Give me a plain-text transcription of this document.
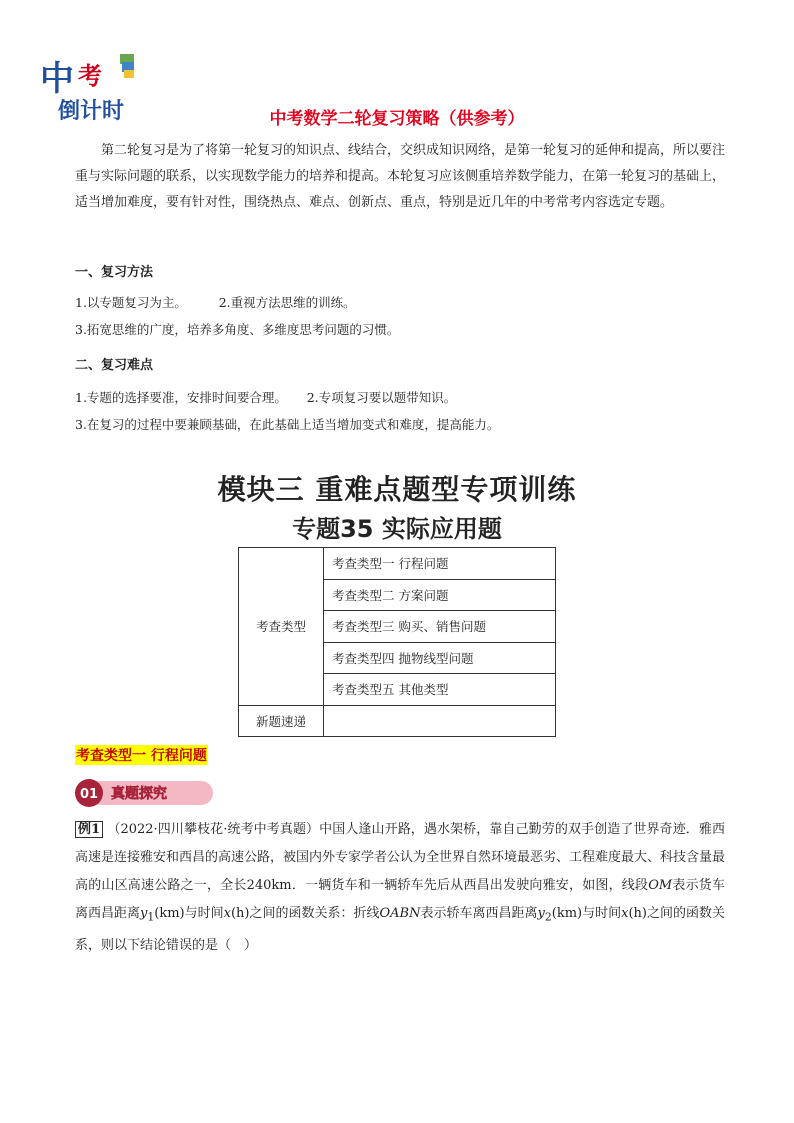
中 考
倒计时	中考数学二轮复习策略（供参考）
第二轮复习是为了将第一轮复习的知识点、线结合，交织成知识网络，是第一轮复习的延伸和提高，所以要注重与实际问题的联系，以实现数学能力的培养和提高。本轮复习应该侧重培养数学能力，在第一轮复习的基础上，适当增加难度，要有针对性，围绕热点、难点、创新点、重点，特别是近几年的中考常考内容选定专题。
一、复习方法
1.以专题复习为主。        2.重视方法思维的训练。
3.拓宽思维的广度，培养多角度、多维度思考问题的习惯。
二、复习难点
1.专题的选择要准，安排时间要合理。     2.专项复习要以题带知识。
3.在复习的过程中要兼顾基础，在此基础上适当增加变式和难度，提高能力。
模块三 重难点题型专项训练
专题35 实际应用题
考查类型	考查类型一 行程问题
	考查类型二 方案问题
	考查类型三 购买、销售问题
	考查类型四 抛物线型问题
	考查类型五 其他类型
新题速递	
考查类型一 行程问题
01 真题探究
例1 （2022·四川攀枝花·统考中考真题）中国人逢山开路，遇水架桥，靠自己勤劳的双手创造了世界奇迹．雅西高速是连接雅安和西昌的高速公路，被国内外专家学者公认为全世界自然环境最恶劣、工程难度最大、科技含量最高的山区高速公路之一，全长240km．一辆货车和一辆轿车先后从西昌出发驶向雅安，如图，线段OM表示货车离西昌距离$y_1(km)$与时间x(h)之间的函数关系：折线OABN表示轿车离西昌距离$y_2(km)$与时间x(h)之间的函数关系，则以下结论错误的是（　）
